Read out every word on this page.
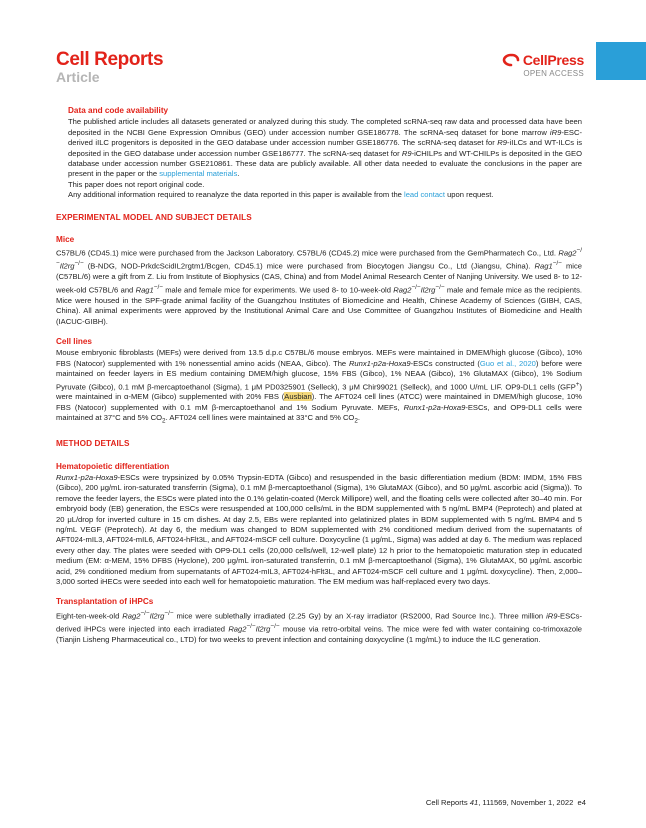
Cell Reports
Article
CellPress
OPEN ACCESS
Data and code availability

The published article includes all datasets generated or analyzed during this study. The completed scRNA-seq raw data and processed data have been deposited in the NCBI Gene Expression Omnibus (GEO) under accession number GSE186778. The scRNA-seq dataset for bone marrow iR9-ESC-derived iILC progenitors is deposited in the GEO database under accession number GSE186776. The scRNA-seq dataset for R9-iILCs and WT-ILCs is deposited in the GEO database under accession number GSE186777. The scRNA-seq dataset for R9-iCHILPs and WT-CHILPs is deposited in the GEO database under accession number GSE210861. These data are publicly available. All other data needed to evaluate the conclusions in the paper are present in the paper or the supplemental materials.

This paper does not report original code.

Any additional information required to reanalyze the data reported in this paper is available from the lead contact upon request.

EXPERIMENTAL MODEL AND SUBJECT DETAILS
Mice

C57BL/6 (CD45.1) mice were purchased from the Jackson Laboratory. C57BL/6 (CD45.2) mice were purchased from the GemPharmatech Co., Ltd. Rag2−/−Il2rg−/− (B-NDG, NOD-PrkdcScidIL2rgtm1/Bcgen, CD45.1) mice were purchased from Biocytogen Jiangsu Co., Ltd (Jiangsu, China). Rag1−/− mice (C57BL/6) were a gift from Z. Liu from Institute of Biophysics (CAS, China) and from Model Animal Research Center of Nanjing University. We used 8- to 12-week-old C57BL/6 and Rag1−/− male and female mice for experiments. We used 8- to 10-week-old Rag2−/−Il2rg−/− male and female mice as the recipients. Mice were housed in the SPF-grade animal facility of the Guangzhou Institutes of Biomedicine and Health, Chinese Academy of Sciences (GIBH, CAS, China). All animal experiments were approved by the Institutional Animal Care and Use Committee of Guangzhou Institutes of Biomedicine and Health (IACUC-GIBH).

Cell lines

Mouse embryonic fibroblasts (MEFs) were derived from 13.5 d.p.c C57BL/6 mouse embryos. MEFs were maintained in DMEM/high glucose (Gibco), 10% FBS (Natocor) supplemented with 1% nonessential amino acids (NEAA, Gibco). The Runx1-p2a-Hoxa9-ESCs constructed (Guo et al., 2020) before were maintained on feeder layers in ES medium containing DMEM/high glucose, 15% FBS (Gibco), 1% NEAA (Gibco), 1% GlutaMAX (Gibco), 1% Sodium Pyruvate (Gibco), 0.1 mM β-mercaptoethanol (Sigma), 1 μM PD0325901 (Selleck), 3 μM Chir99021 (Selleck), and 1000 U/mL LIF. OP9-DL1 cells (GFP+) were maintained in α-MEM (Gibco) supplemented with 20% FBS (Ausbian). The AFT024 cell lines (ATCC) were maintained in DMEM/high glucose, 10% FBS (Natocor) supplemented with 0.1 mM β-mercaptoethanol and 1% Sodium Pyruvate. MEFs, Runx1-p2a-Hoxa9-ESCs, and OP9-DL1 cells were maintained at 37°C and 5% $CO_2$. AFT024 cell lines were maintained at 33°C and 5% $CO_2$.

METHOD DETAILS
Hematopoietic differentiation

Runx1-p2a-Hoxa9-ESCs were trypsinized by 0.05% Trypsin-EDTA (Gibco) and resuspended in the basic differentiation medium (BDM: IMDM, 15% FBS (Gibco), 200 μg/mL iron-saturated transferrin (Sigma), 0.1 mM β-mercaptoethanol (Sigma), 1% GlutaMAX (Gibco), and 50 μg/mL ascorbic acid (Sigma)). To remove the feeder layers, the ESCs were plated into the 0.1% gelatin-coated (Merck Millipore) well, and the floating cells were collected after 30–40 min. For embryoid body (EB) generation, the ESCs were resuspended at 100,000 cells/mL in the BDM supplemented with 5 ng/mL BMP4 (Peprotech) and plated at 20 μL/drop for inverted culture in 15 cm dishes. At day 2.5, EBs were replanted into gelatinized plates in BDM supplemented with 5 ng/mL BMP4 and 5 ng/mL VEGF (Peprotech). At day 6, the medium was changed to BDM supplemented with 2% conditioned medium derived from the supernatants of AFT024-mIL3, AFT024-mIL6, AFT024-hFlt3L, and AFT024-mSCF cell culture. Doxycycline (1 μg/mL, Sigma) was added at day 6. The medium was replaced every other day. The plates were seeded with OP9-DL1 cells (20,000 cells/well, 12-well plate) 12 h prior to the hematopoietic maturation step in educated medium (EM: α-MEM, 15% DFBS (Hyclone), 200 μg/mL iron-saturated transferrin, 0.1 mM β-mercaptoethanol (Sigma), 1% GlutaMAX, 50 μg/mL ascorbic acid, 2% conditioned medium from supernatants of AFT024-mIL3, AFT024-hFlt3L, and AFT024-mSCF cell culture and 1 μg/mL doxycycline). Then, 2,000–3,000 sorted iHECs were seeded into each well for hematopoietic maturation. The EM medium was half-replaced every two days.

Transplantation of iHPCs

Eight-ten-week-old Rag2−/−Il2rg−/− mice were sublethally irradiated (2.25 Gy) by an X-ray irradiator (RS2000, Rad Source Inc.). Three million iR9-ESCs-derived iHPCs were injected into each irradiated Rag2−/−Il2rg−/− mouse via retro-orbital veins. The mice were fed with water containing co-trimoxazole (Tianjin Lisheng Pharmaceutical co., LTD) for two weeks to prevent infection and containing doxycycline (1 mg/mL) to induce the ILC generation.

Cell Reports 41, 111569, November 1, 2022 e4
